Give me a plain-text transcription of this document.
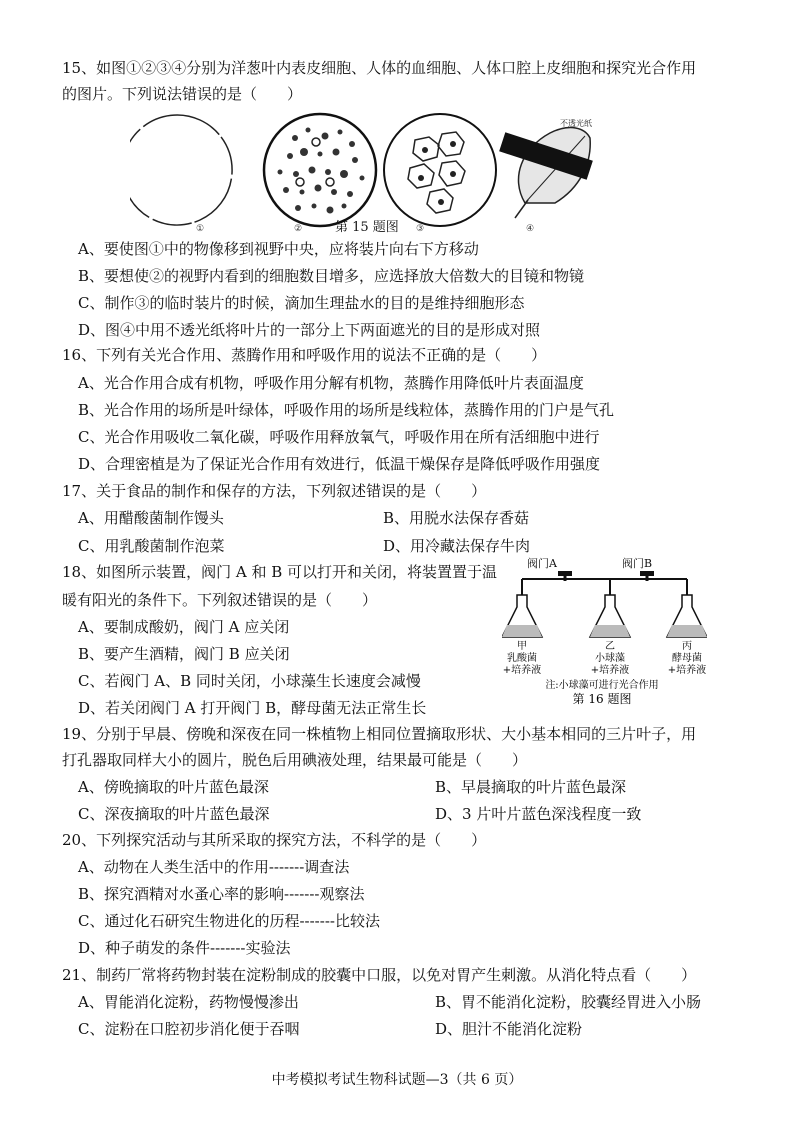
15、如图①②③④分别为洋葱叶内表皮细胞、人体的血细胞、人体口腔上皮细胞和探究光合作用
的图片。下列说法错误的是（　　）
不透光纸
①	②	第 15 题图 ③	④
A、要使图①中的物像移到视野中央，应将装片向右下方移动
B、要想使②的视野内看到的细胞数目增多，应选择放大倍数大的目镜和物镜
C、制作③的临时装片的时候，滴加生理盐水的目的是维持细胞形态
D、图④中用不透光纸将叶片的一部分上下两面遮光的目的是形成对照
16、下列有关光合作用、蒸腾作用和呼吸作用的说法不正确的是（　　）
A、光合作用合成有机物，呼吸作用分解有机物，蒸腾作用降低叶片表面温度
B、光合作用的场所是叶绿体，呼吸作用的场所是线粒体，蒸腾作用的门户是气孔
C、光合作用吸收二氧化碳，呼吸作用释放氧气，呼吸作用在所有活细胞中进行
D、合理密植是为了保证光合作用有效进行，低温干燥保存是降低呼吸作用强度
17、关于食品的制作和保存的方法，下列叙述错误的是（　　）
A、用醋酸菌制作馒头	B、用脱水法保存香菇
C、用乳酸菌制作泡菜	D、用冷藏法保存牛肉
18、如图所示装置，阀门 A 和 B 可以打开和关闭，将装置置于温
暖有阳光的条件下。下列叙述错误的是（　　）
A、要制成酸奶，阀门 A 应关闭
B、要产生酒精，阀门 B 应关闭
C、若阀门 A、B 同时关闭，小球藻生长速度会减慢
D、若关闭阀门 A 打开阀门 B，酵母菌无法正常生长
阀门A	阀门B
甲
乳酸菌
+培养液
乙
小球藻
+培养液
丙
酵母菌
+培养液
注:小球藻可进行光合作用
第 16 题图
19、分别于早晨、傍晚和深夜在同一株植物上相同位置摘取形状、大小基本相同的三片叶子，用
打孔器取同样大小的圆片，脱色后用碘液处理，结果最可能是（　　）
A、傍晚摘取的叶片蓝色最深	B、早晨摘取的叶片蓝色最深
C、深夜摘取的叶片蓝色最深	D、3 片叶片蓝色深浅程度一致
20、下列探究活动与其所采取的探究方法，不科学的是（　　）
A、动物在人类生活中的作用-------调查法
B、探究酒精对水蚤心率的影响-------观察法
C、通过化石研究生物进化的历程-------比较法
D、种子萌发的条件-------实验法
21、制药厂常将药物封装在淀粉制成的胶囊中口服，以免对胃产生刺激。从消化特点看（　　）
A、胃能消化淀粉，药物慢慢渗出	B、胃不能消化淀粉，胶囊经胃进入小肠
C、淀粉在口腔初步消化便于吞咽	D、胆汁不能消化淀粉
中考模拟考试生物科试题—3（共 6 页）
